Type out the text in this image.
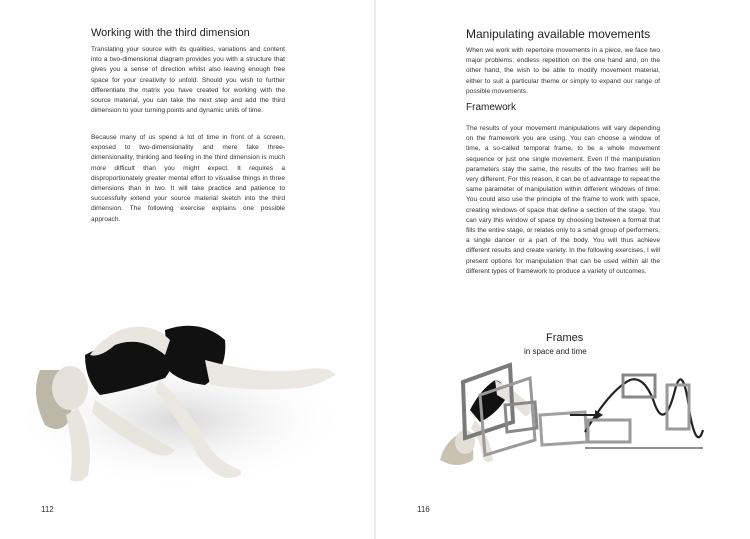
Working with the third dimension

Translating your source with its qualities, variations and content into a two-dimensional diagram provides you with a structure that gives you a sense of direction whilst also leaving enough free space for your creativity to unfold. Should you wish to further differentiate the matrix you have created for working with the source material, you can take the next step and add the third dimension to your turning points and dynamic units of time.

Because many of us spend a lot of time in front of a screen, exposed to two-dimensionality and mere fake three-dimensionality, thinking and feeling in the third dimension is much more difficult than you might expect. It requires a disproportionately greater mental effort to visualise things in three dimensions than in two. It will take practice and patience to successfully extend your source material sketch into the third dimension. The following exercise explains one possible approach.

112
Manipulating available movements

When we work with repertoire movements in a piece, we face two major problems: endless repetition on the one hand and, on the other hand, the wish to be able to modify movement material, either to suit a particular theme or simply to expand our range of possible movements.

Framework

The results of your movement manipulations will vary depending on the framework you are using. You can choose a window of time, a so-called temporal frame, to be a whole movement sequence or just one single movement. Even if the manipulation parameters stay the same, the results of the two frames will be very different. For this reason, it can be of advantage to repeat the same parameter of manipulation within different windows of time. You could also use the principle of the frame to work with space, creating windows of space that define a section of the stage. You can vary this window of space by choosing between a format that fills the entire stage, or relates only to a small group of performers, a single dancer or a part of the body. You will thus achieve different results and create variety. In the following exercises, I will present options for manipulation that can be used within all the different types of framework to produce a variety of outcomes.

Frames
in space and time
116
